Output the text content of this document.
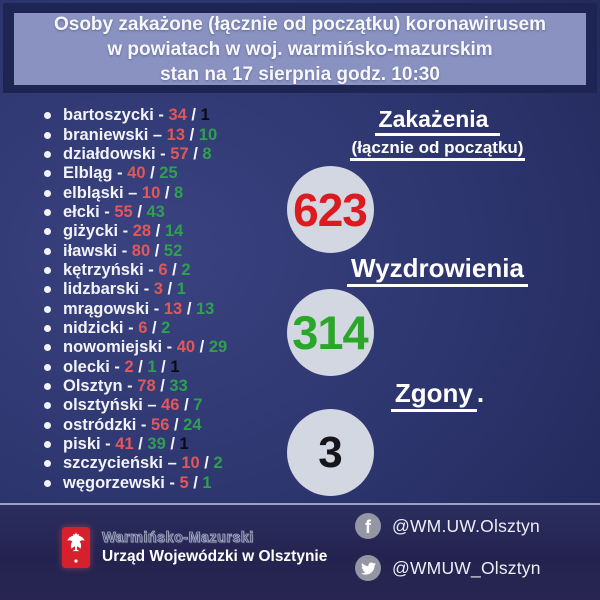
Osoby zakażone (łącznie od początku) koronawirusem
w powiatach w woj. warmińsko-mazurskim
stan na 17 sierpnia godz. 10:30
bartoszycki - 34 / 1
braniewski – 13 / 10
działdowski - 57 / 8
Elbląg - 40 / 25
elbląski – 10 / 8
ełcki - 55 / 43
giżycki - 28 / 14
iławski - 80 / 52
kętrzyński - 6 / 2
lidzbarski - 3 / 1
mrągowski - 13 / 13
nidzicki - 6 / 2
nowomiejski - 40 / 29
olecki - 2 / 1 / 1
Olsztyn - 78 / 33
olsztyński – 46 / 7
ostródzki - 56 / 24
piski - 41 / 39 / 1
szczycieński – 10 / 2
węgorzewski - 5 / 1
Zakażenia
(łącznie od początku)
623
Wyzdrowienia
314
Zgony .
3
Warmińsko-Mazurski
Urząd Wojewódzki w Olsztynie
f @WM.UW.Olsztyn
@WMUW_Olsztyn
